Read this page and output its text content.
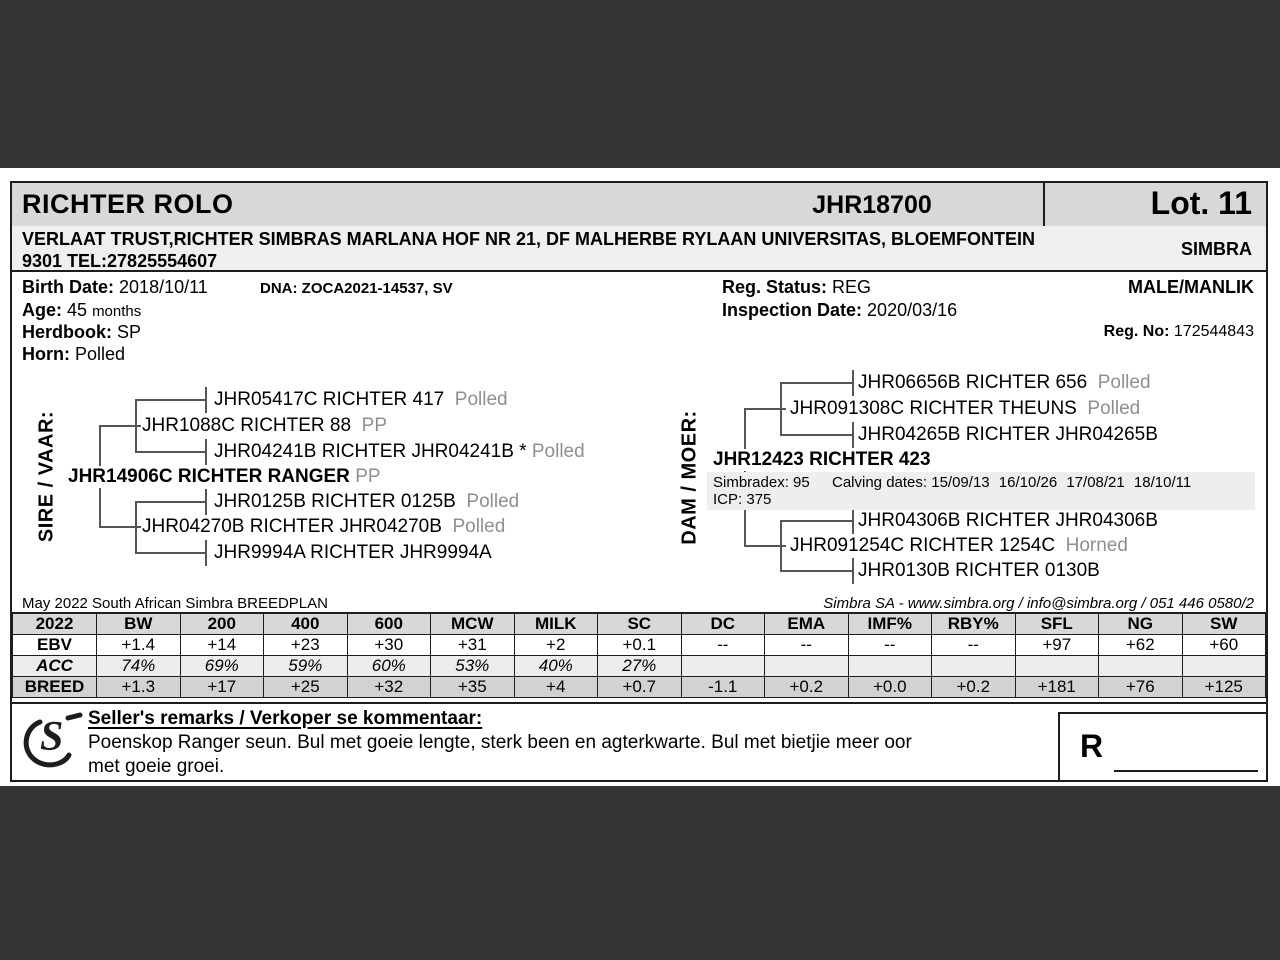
RICHTER ROLO	JHR18700	Lot. 11
VERLAAT TRUST,RICHTER SIMBRAS MARLANA HOF NR 21, DF MALHERBE RYLAAN UNIVERSITAS, BLOEMFONTEIN
9301 TEL:27825554607
SIMBRA
Birth Date: 2018/10/11	DNA: ZOCA2021-14537, SV
Age: 45 months
Herdbook: SP
Horn: Polled
Reg. Status: REG
Inspection Date: 2020/03/16
MALE/MANLIK
Reg. No: 172544843
SIRE / VAAR:
JHR05417C RICHTER 417 Polled
JHR1088C RICHTER 88 PP
JHR04241B RICHTER JHR04241B * Polled
JHR14906C RICHTER RANGER PP
JHR0125B RICHTER 0125B Polled
JHR04270B RICHTER JHR04270B Polled
JHR9994A RICHTER JHR9994A
DAM / MOER:
JHR06656B RICHTER 656 Polled
JHR091308C RICHTER THEUNS Polled
JHR04265B RICHTER JHR04265B
JHR12423 RICHTER 423
Simbradex: 95 Calving dates: 15/09/13 16/10/26 17/08/21 18/10/11
ICP: 375
JHR04306B RICHTER JHR04306B
JHR091254C RICHTER 1254C Horned
JHR0130B RICHTER 0130B
May 2022 South African Simbra BREEDPLAN	Simbra SA - www.simbra.org / info@simbra.org / 051 446 0580/2
2022	BW	200	400	600	MCW	MILK	SC	DC	EMA	IMF%	RBY%	SFL	NG	SW
EBV	+1.4	+14	+23	+30	+31	+2	+0.1	--	--	--	--	+97	+62	+60
ACC	74%	69%	59%	60%	53%	40%	27%							
BREED	+1.3	+17	+25	+32	+35	+4	+0.7	-1.1	+0.2	+0.0	+0.2	+181	+76	+125
S Seller's remarks / Verkoper se kommentaar:
Poenskop Ranger seun. Bul met goeie lengte, sterk been en agterkwarte. Bul met bietjie meer oor
met goeie groei.
R
